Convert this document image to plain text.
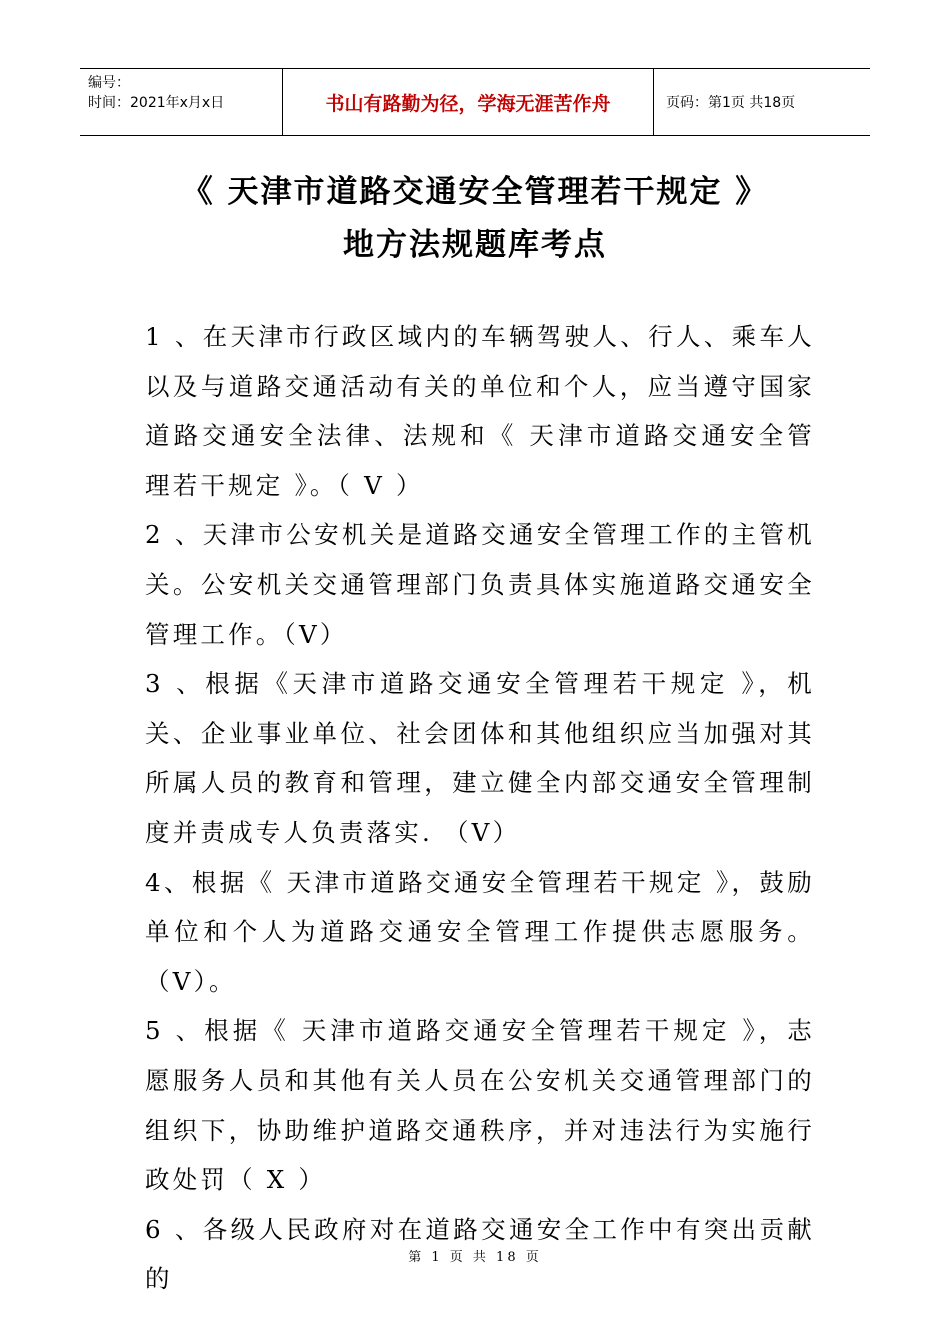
编号：
时间：2021年x月x日	书山有路勤为径，学海无涯苦作舟	页码：第1页 共18页
《 天津市道路交通安全管理若干规定 》
地方法规题库考点

1 、在天津市行政区域内的车辆驾驶人、行人、乘车人以及与道路交通活动有关的单位和个人，应当遵守国家道路交通安全法律、法规和《 天津市道路交通安全管理若干规定 》。（ V ）

2 、天津市公安机关是道路交通安全管理工作的主管机关。公安机关交通管理部门负责具体实施道路交通安全管理工作。（V）

3 、根据《天津市道路交通安全管理若干规定 》，机关、企业事业单位、社会团体和其他组织应当加强对其所属人员的教育和管理，建立健全内部交通安全管理制度并责成专人负责落实. （V）

4、根据《 天津市道路交通安全管理若干规定 》，鼓励单位和个人为道路交通安全管理工作提供志愿服务。（V）。

5 、根据《 天津市道路交通安全管理若干规定 》，志愿服务人员和其他有关人员在公安机关交通管理部门的组织下，协助维护道路交通秩序，并对违法行为实施行政处罚（ X ）

6 、各级人民政府对在道路交通安全工作中有突出贡献的

第 1 页 共 18 页
